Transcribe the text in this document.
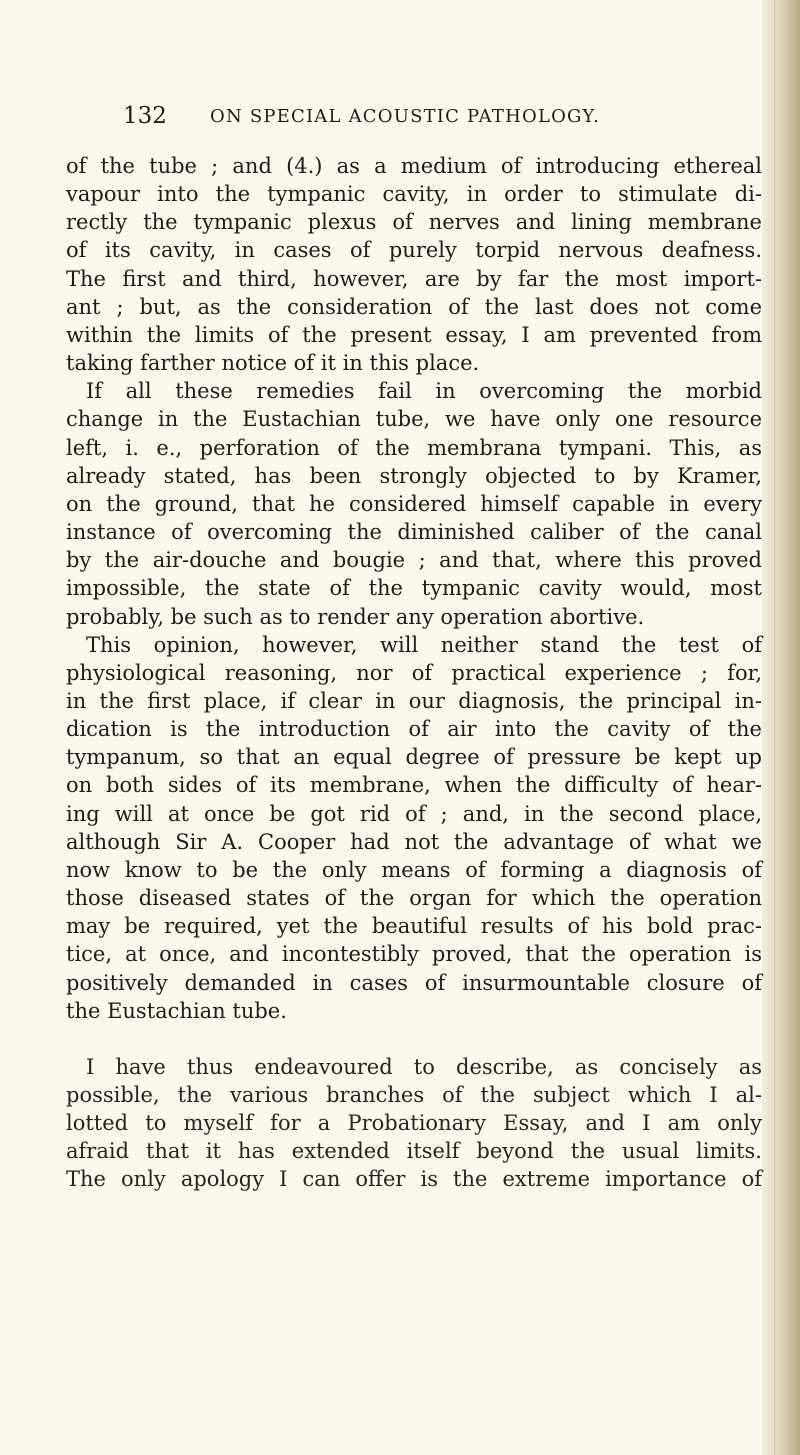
132 ON SPECIAL ACOUSTIC PATHOLOGY.

of the tube ; and (4.) as a medium of introducing ethereal

vapour into the tympanic cavity, in order to stimulate di-

rectly the tympanic plexus of nerves and lining membrane

of its cavity, in cases of purely torpid nervous deafness.

The first and third, however, are by far the most import-

ant ; but, as the consideration of the last does not come

within the limits of the present essay, I am prevented from

taking farther notice of it in this place.

If all these remedies fail in overcoming the morbid

change in the Eustachian tube, we have only one resource

left, i. e., perforation of the membrana tympani. This, as

already stated, has been strongly objected to by Kramer,

on the ground, that he considered himself capable in every

instance of overcoming the diminished caliber of the canal

by the air-douche and bougie ; and that, where this proved

impossible, the state of the tympanic cavity would, most

probably, be such as to render any operation abortive.

This opinion, however, will neither stand the test of

physiological reasoning, nor of practical experience ; for,

in the first place, if clear in our diagnosis, the principal in-

dication is the introduction of air into the cavity of the

tympanum, so that an equal degree of pressure be kept up

on both sides of its membrane, when the difficulty of hear-

ing will at once be got rid of ; and, in the second place,

although Sir A. Cooper had not the advantage of what we

now know to be the only means of forming a diagnosis of

those diseased states of the organ for which the operation

may be required, yet the beautiful results of his bold prac-

tice, at once, and incontestibly proved, that the operation is

positively demanded in cases of insurmountable closure of

the Eustachian tube.

I have thus endeavoured to describe, as concisely as

possible, the various branches of the subject which I al-

lotted to myself for a Probationary Essay, and I am only

afraid that it has extended itself beyond the usual limits.

The only apology I can offer is the extreme importance of
